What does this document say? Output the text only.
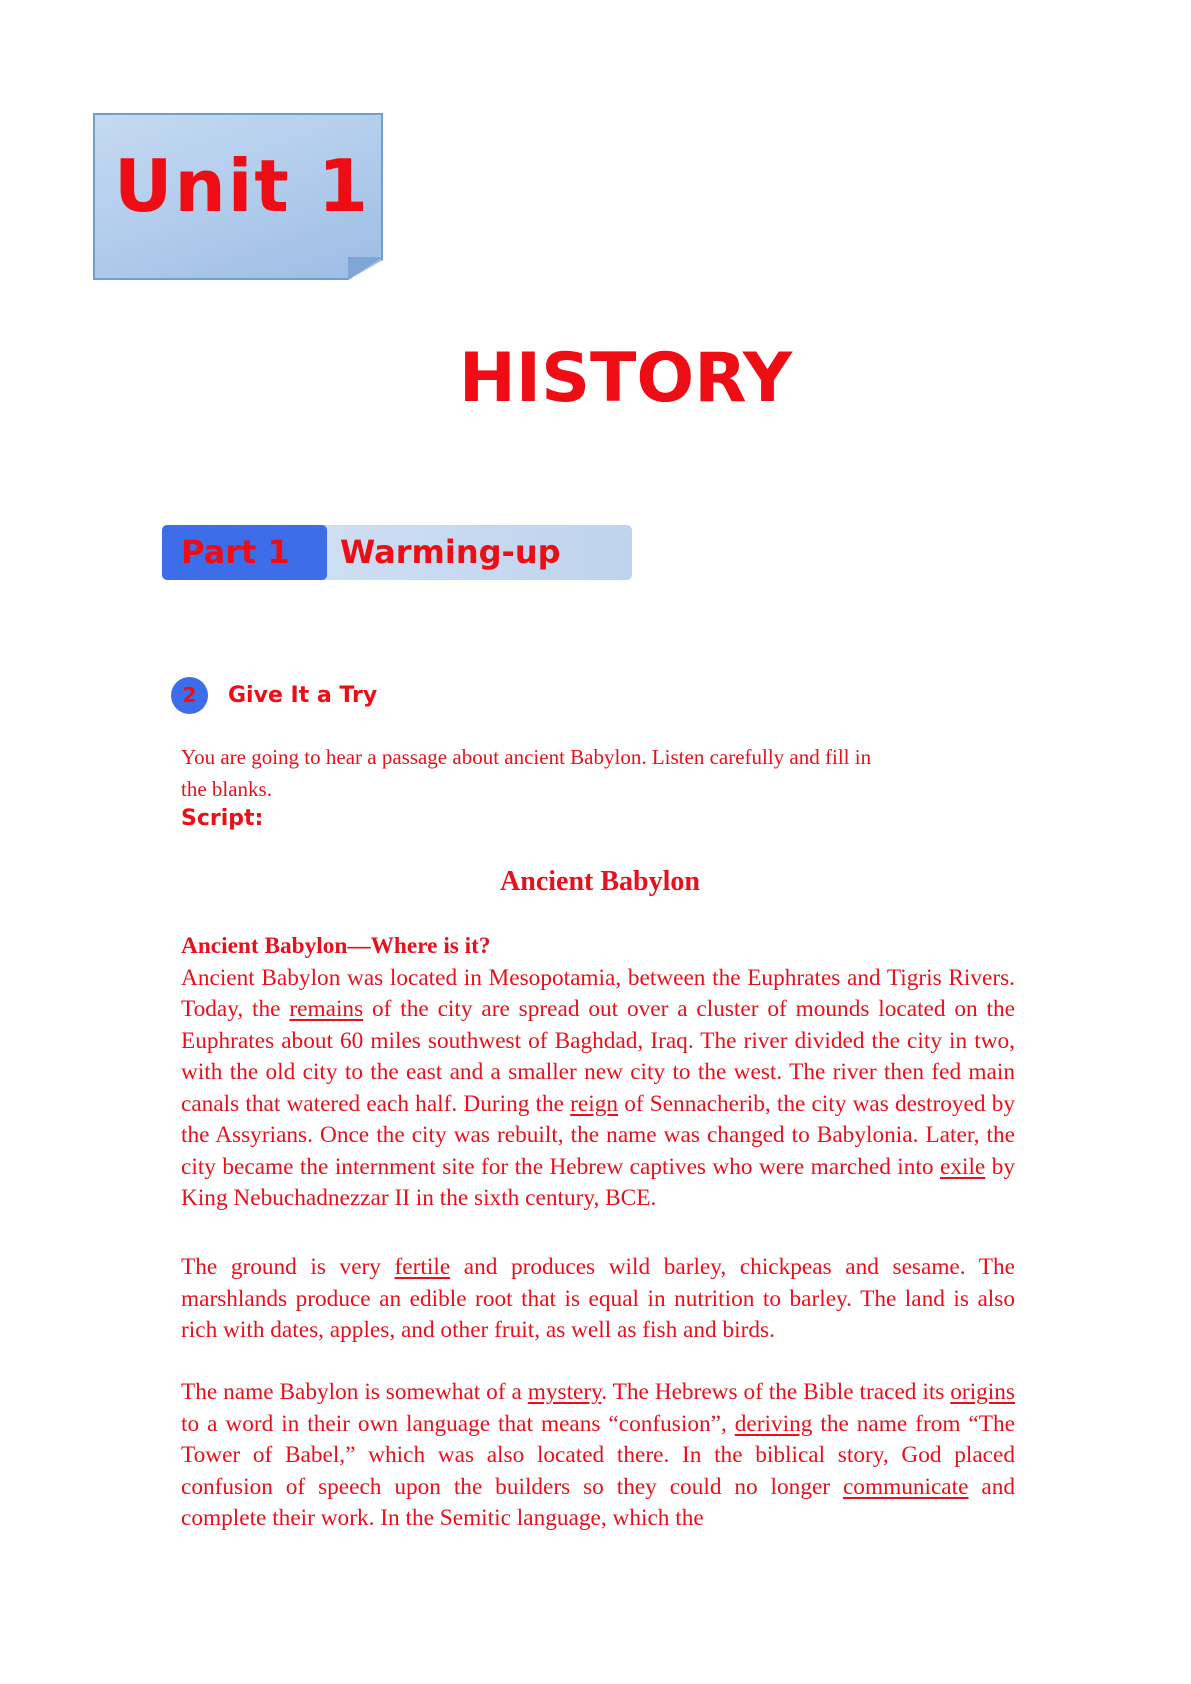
Unit 1
HISTORY
Part 1	Warming-up
2	Give It a Try
You are going to hear a passage about ancient Babylon. Listen carefully and fill in the blanks.
Script:
Ancient Babylon

Ancient Babylon—Where is it?

Ancient Babylon was located in Mesopotamia, between the Euphrates and Tigris Rivers. Today, the remains of the city are spread out over a cluster of mounds located on the Euphrates about 60 miles southwest of Baghdad, Iraq. The river divided the city in two, with the old city to the east and a smaller new city to the west. The river then fed main canals that watered each half. During the reign of Sennacherib, the city was destroyed by the Assyrians. Once the city was rebuilt, the name was changed to Babylonia. Later, the city became the internment site for the Hebrew captives who were marched into exile by King Nebuchadnezzar II in the sixth century, BCE.

The ground is very fertile and produces wild barley, chickpeas and sesame. The marshlands produce an edible root that is equal in nutrition to barley. The land is also rich with dates, apples, and other fruit, as well as fish and birds.

The name Babylon is somewhat of a mystery. The Hebrews of the Bible traced its origins to a word in their own language that means “confusion”, deriving the name from “The Tower of Babel,” which was also located there. In the biblical story, God placed confusion of speech upon the builders so they could no longer communicate and complete their work. In the Semitic language, which the
